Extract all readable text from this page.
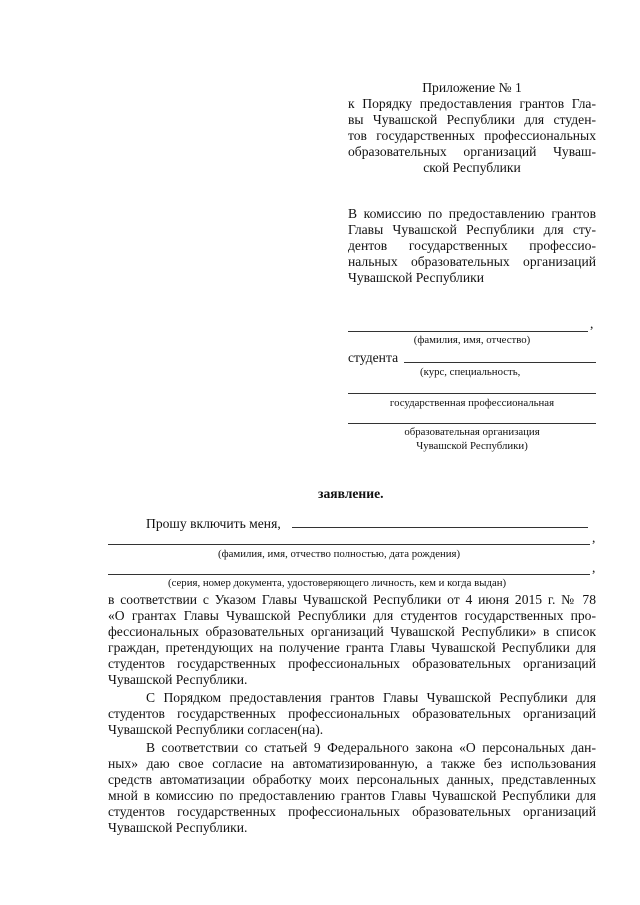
Приложение № 1
к Порядку предоставления грантов Гла-
вы Чувашской Республики для студен-
тов государственных профессиональных
образовательных организаций Чуваш-
ской Республики
В комиссию по предоставлению грантов
Главы Чувашской Республики для сту-
дентов государственных профессио-
нальных образовательных организаций
Чувашской Республики
,
(фамилия, имя, отчество)
студента
(курс, специальность,
государственная профессиональная
образовательная организация
Чувашской Республики)
заявление.
Прошу включить меня,
,
(фамилия, имя, отчество полностью, дата рождения)
,
(серия, номер документа, удостоверяющего личность, кем и когда выдан)
в соответствии с Указом Главы Чувашской Республики от 4 июня 2015 г. № 78
«О грантах Главы Чувашской Республики для студентов государственных про-
фессиональных образовательных организаций Чувашской Республики» в список
граждан, претендующих на получение гранта Главы Чувашской Республики для
студентов государственных профессиональных образовательных организаций
Чувашской Республики.
С Порядком предоставления грантов Главы Чувашской Республики для
студентов государственных профессиональных образовательных организаций
Чувашской Республики согласен(на).
В соответствии со статьей 9 Федерального закона «О персональных дан-
ных» даю свое согласие на автоматизированную, а также без использования
средств автоматизации обработку моих персональных данных, представленных
мной в комиссию по предоставлению грантов Главы Чувашской Республики для
студентов государственных профессиональных образовательных организаций
Чувашской Республики.
